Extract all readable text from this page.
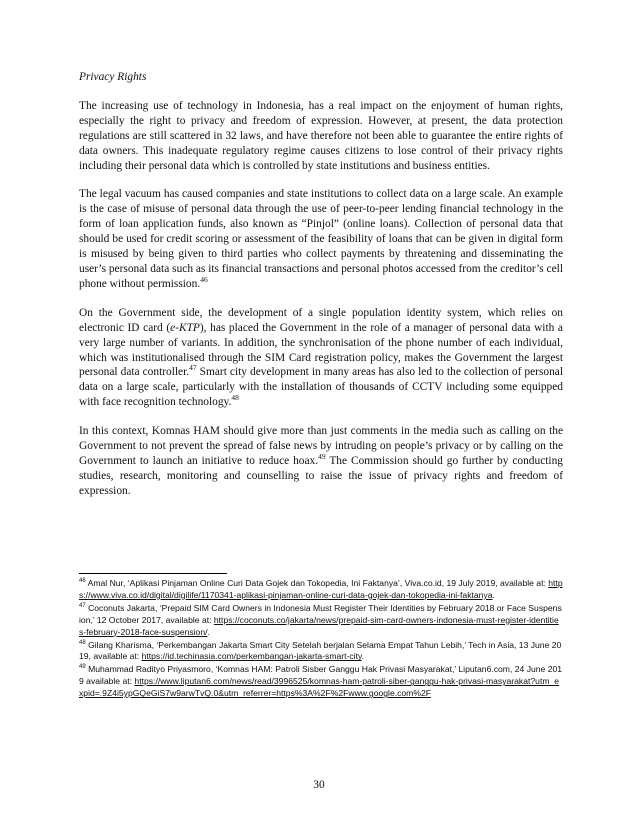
Privacy Rights

The increasing use of technology in Indonesia, has a real impact on the enjoyment of human rights, especially the right to privacy and freedom of expression. However, at present, the data protection regulations are still scattered in 32 laws, and have therefore not been able to guarantee the entire rights of data owners. This inadequate regulatory regime causes citizens to lose control of their privacy rights including their personal data which is controlled by state institutions and business entities.

The legal vacuum has caused companies and state institutions to collect data on a large scale. An example is the case of misuse of personal data through the use of peer-to-peer lending financial technology in the form of loan application funds, also known as “Pinjol” (online loans). Collection of personal data that should be used for credit scoring or assessment of the feasibility of loans that can be given in digital form is misused by being given to third parties who collect payments by threatening and disseminating the user’s personal data such as its financial transactions and personal photos accessed from the creditor’s cell phone without permission.$^{46}$

On the Government side, the development of a single population identity system, which relies on electronic ID card (e-KTP), has placed the Government in the role of a manager of personal data with a very large number of variants. In addition, the synchronisation of the phone number of each individual, which was institutionalised through the SIM Card registration policy, makes the Government the largest personal data controller.$^{47}$ Smart city development in many areas has also led to the collection of personal data on a large scale, particularly with the installation of thousands of CCTV including some equipped with face recognition technology.$^{48}$

In this context, Komnas HAM should give more than just comments in the media such as calling on the Government to not prevent the spread of false news by intruding on people’s privacy or by calling on the Government to launch an initiative to reduce hoax.$^{49}$ The Commission should go further by conducting studies, research, monitoring and counselling to raise the issue of privacy rights and freedom of expression.

$^{46}$ Amal Nur, ‘Aplikasi Pinjaman Online Curi Data Gojek dan Tokopedia, Ini Faktanya’, Viva.co.id, 19 July 2019, available at: https://www.viva.co.id/digital/digilife/1170341-aplikasi-pinjaman-online-curi-data-gojek-dan-tokopedia-ini-faktanya.
$^{47}$ Coconuts Jakarta, ‘Prepaid SIM Card Owners in Indonesia Must Register Their Identities by February 2018 or Face Suspension,’ 12 October 2017, available at: https://coconuts.co/jakarta/news/prepaid-sim-card-owners-indonesia-must-register-identities-february-2018-face-suspension/.
$^{48}$ Gilang Kharisma, ‘Perkembangan Jakarta Smart City Setelah berjalan Selama Empat Tahun Lebih,’ Tech in Asia, 13 June 2019, available at: https://id.techinasia.com/perkembangan-jakarta-smart-city.
$^{49}$ Muhammad Radityo Priyasmoro, ‘Komnas HAM: Patroli Sisber Ganggu Hak Privasi Masyarakat,’ Liputan6.com, 24 June 2019 available at: https://www.liputan6.com/news/read/3996525/komnas-ham-patroli-siber-ganggu-hak-privasi-masyarakat?utm_expid=.9Z4i5ypGQeGiS7w9arwTvQ.0&utm_referrer=https%3A%2F%2Fwww.google.com%2F
30
